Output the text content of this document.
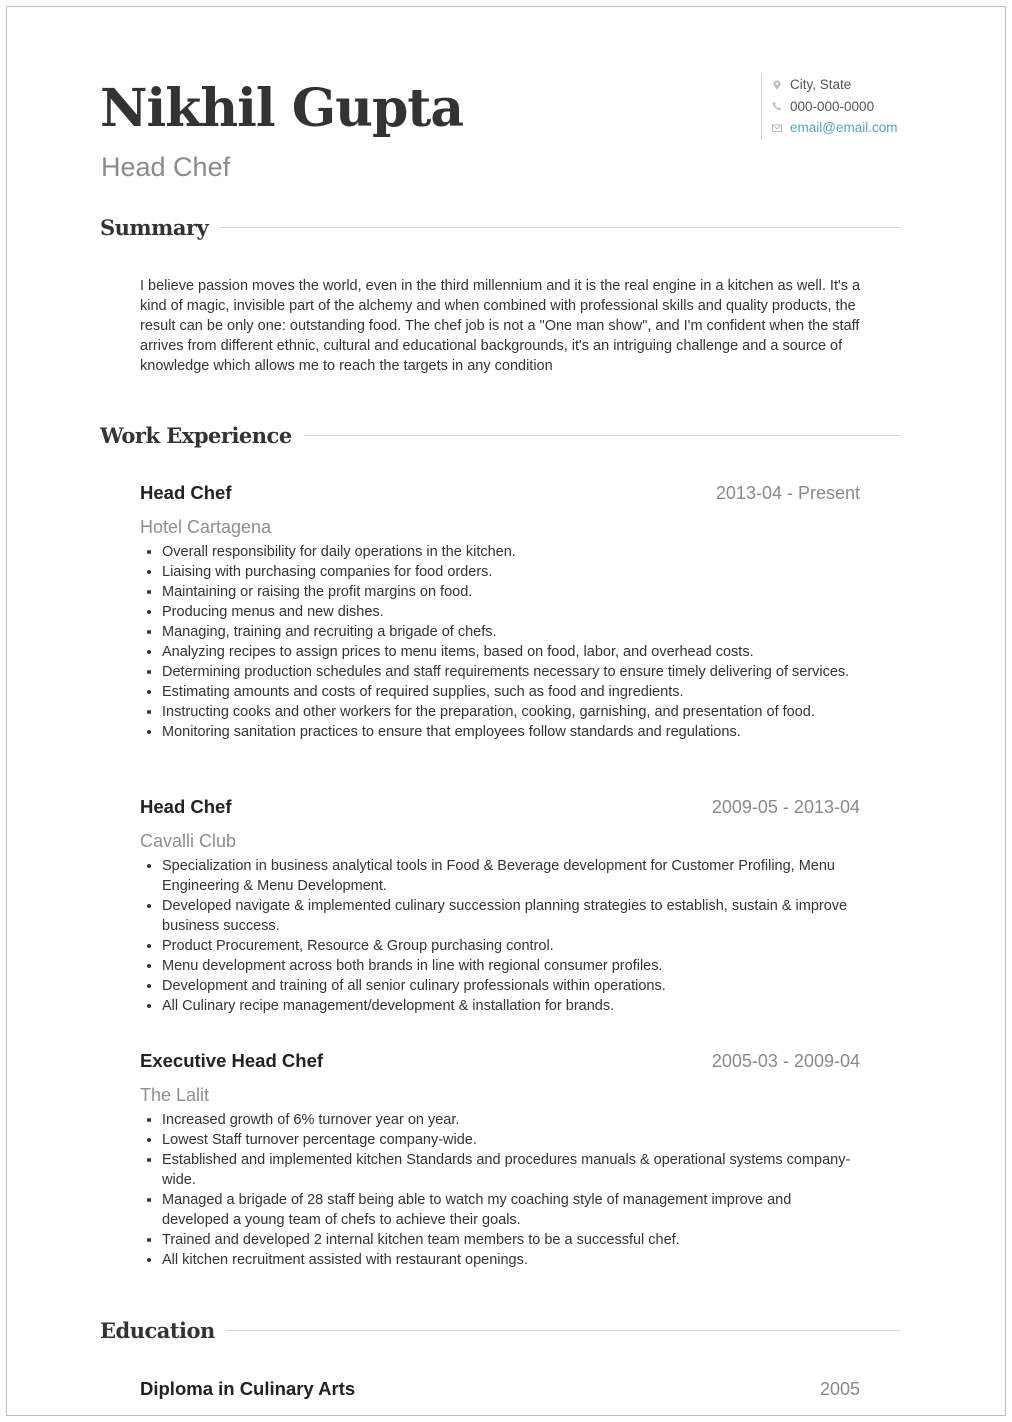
Nikhil Gupta
Head Chef
City, State
000-000-0000
email@email.com
Summary

I believe passion moves the world, even in the third millennium and it is the real engine in a kitchen as well. It's a kind of magic, invisible part of the alchemy and when combined with professional skills and quality products, the result can be only one: outstanding food. The chef job is not a "One man show", and I'm confident when the staff arrives from different ethnic, cultural and educational backgrounds, it's an intriguing challenge and a source of knowledge which allows me to reach the targets in any condition

Work Experience
Head Chef	2013-04 - Present
Hotel Cartagena
• Overall responsibility for daily operations in the kitchen.
• Liaising with purchasing companies for food orders.
• Maintaining or raising the profit margins on food.
• Producing menus and new dishes.
• Managing, training and recruiting a brigade of chefs.
• Analyzing recipes to assign prices to menu items, based on food, labor, and overhead costs.
• Determining production schedules and staff requirements necessary to ensure timely delivering of services.
• Estimating amounts and costs of required supplies, such as food and ingredients.
• Instructing cooks and other workers for the preparation, cooking, garnishing, and presentation of food.
• Monitoring sanitation practices to ensure that employees follow standards and regulations.
Head Chef	2009-05 - 2013-04
Cavalli Club
• Specialization in business analytical tools in Food & Beverage development for Customer Profiling, Menu Engineering & Menu Development.
• Developed navigate & implemented culinary succession planning strategies to establish, sustain & improve business success.
• Product Procurement, Resource & Group purchasing control.
• Menu development across both brands in line with regional consumer profiles.
• Development and training of all senior culinary professionals within operations.
• All Culinary recipe management/development & installation for brands.
Executive Head Chef	2005-03 - 2009-04
The Lalit
• Increased growth of 6% turnover year on year.
• Lowest Staff turnover percentage company-wide.
• Established and implemented kitchen Standards and procedures manuals & operational systems company-wide.
• Managed a brigade of 28 staff being able to watch my coaching style of management improve and developed a young team of chefs to achieve their goals.
• Trained and developed 2 internal kitchen team members to be a successful chef.
• All kitchen recruitment assisted with restaurant openings.
Education
Diploma in Culinary Arts	2005
